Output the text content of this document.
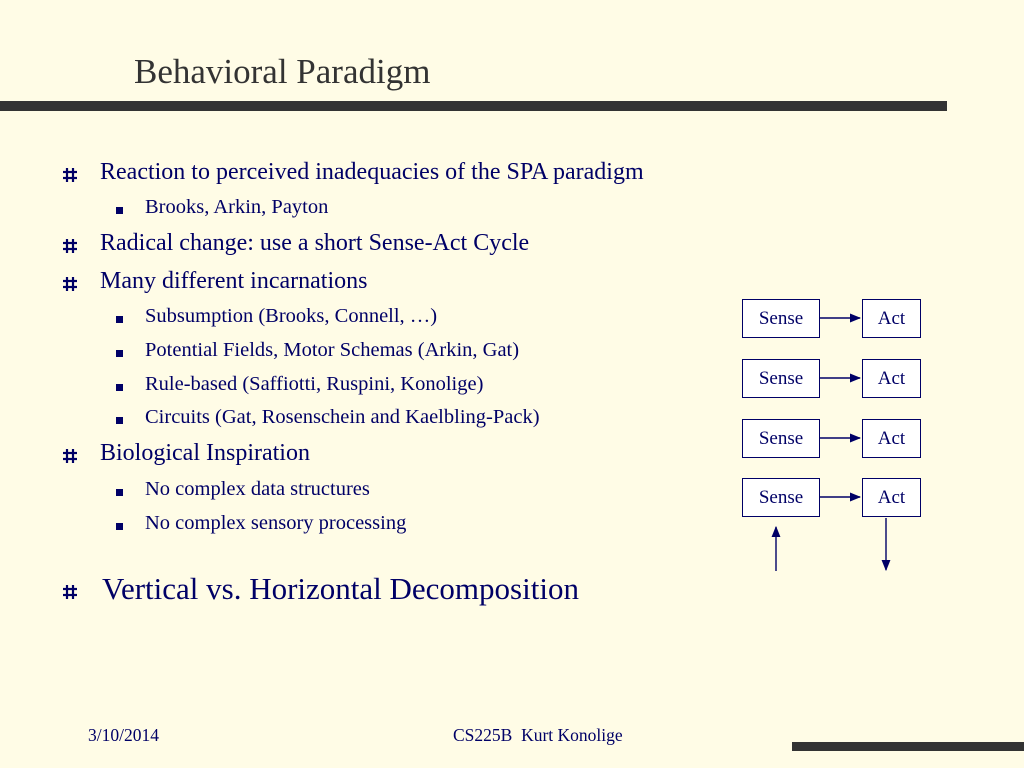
Behavioral Paradigm
Reaction to perceived inadequacies of the SPA paradigm
Brooks, Arkin, Payton
Radical change: use a short Sense-Act Cycle
Many different incarnations
Subsumption (Brooks, Connell, …)
Potential Fields, Motor Schemas (Arkin, Gat)
Rule-based (Saffiotti, Ruspini, Konolige)
Circuits (Gat, Rosenschein and Kaelbling-Pack)
Biological Inspiration
No complex data structures
No complex sensory processing
Vertical vs. Horizontal Decomposition
Sense	Act
Sense	Act
Sense	Act
Sense	Act
3/10/2014	CS225B  Kurt Konolige
